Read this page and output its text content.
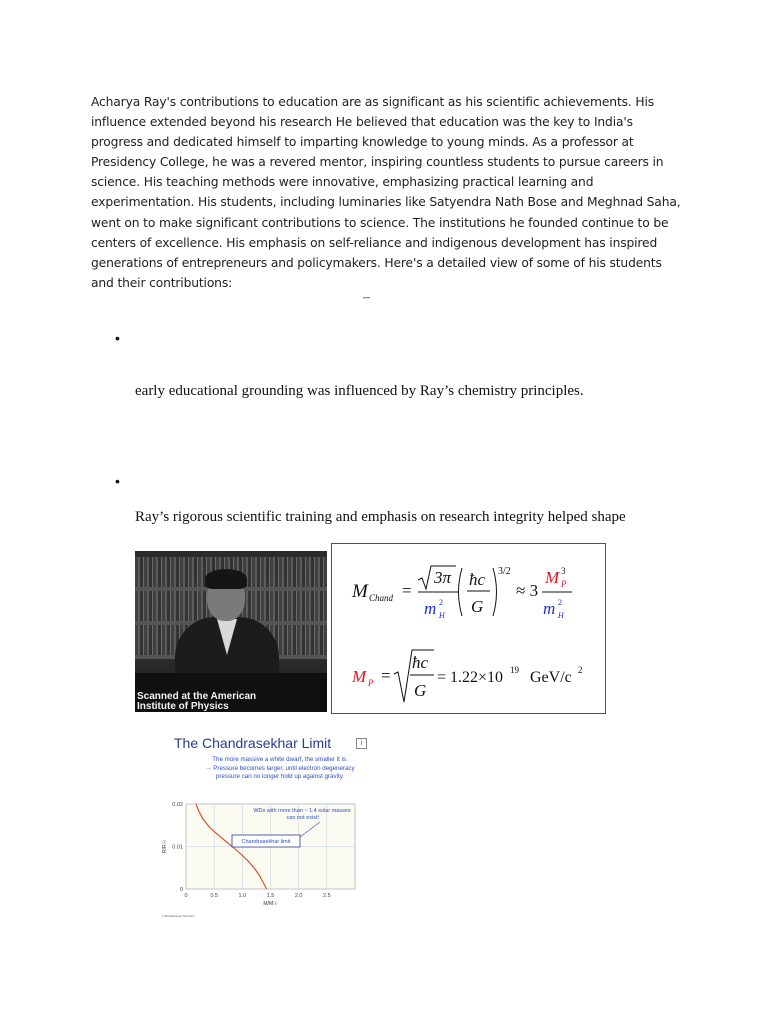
Acharya Ray's contributions to education are as significant as his scientific achievements. His influence extended beyond his research He believed that education was the key to India's progress and dedicated himself to imparting knowledge to young minds. As a professor at Presidency College, he was a revered mentor, inspiring countless students to pursue careers in science. His teaching methods were innovative, emphasizing practical learning and experimentation. His students, including luminaries like Satyendra Nath Bose and Meghnad Saha, went on to make significant contributions to science. The institutions he founded continue to be centers of excellence. His emphasis on self-reliance and indigenous development has inspired generations of entrepreneurs and policymakers. Here's a detailed view of some of his students and their contributions:

–
•
early educational grounding was influenced by Ray’s chemistry principles.
•
Ray’s rigorous scientific training and emphasis on research integrity helped shape
Scanned at the American Institute of Physics
M Chand =
3π
m H
2
ħc
G
3/2
≈ 3
M 3
P
m H
2
M P =
ħc
G
= 1.22×10 19 GeV/c 2
The Chandrasekhar Limit	i
The more massive a white dwarf, the smaller it is.
→ Pressure becomes larger, until electron degeneracy
pressure can no longer hold up against gravity.
0	0.5	1.0	1.5	2.0	2.5
0
0.01
0.02
R/R☉
M/M☉
WDs with more than ~ 1.4 solar masses can not exist!
Chandrasekhar limit
© Brooks/Cole Thomson
